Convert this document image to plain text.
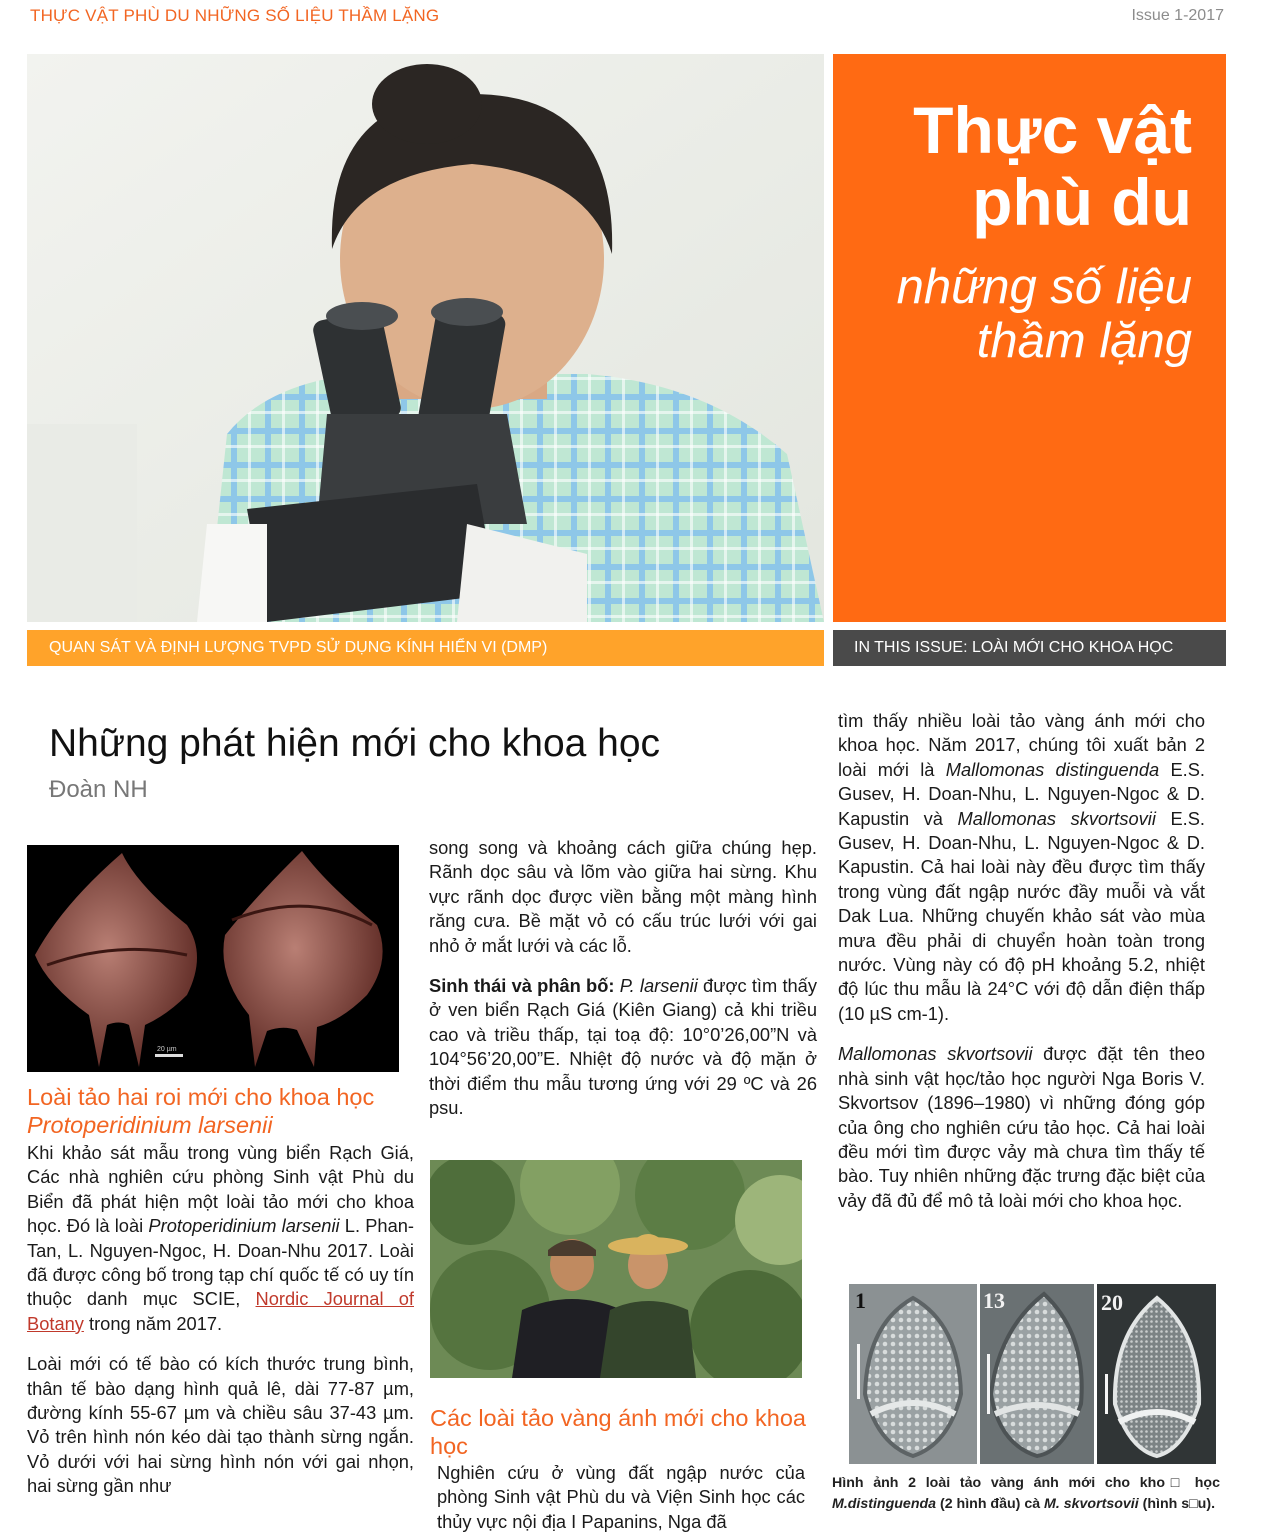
THỰC VẬT PHÙ DU NHỮNG SỐ LIỆU THẦM LẶNG	Issue 1-2017
Thực vật
phù du
những số liệu
thầm lặng
QUAN SÁT VÀ ĐỊNH LƯỢNG TVPD SỬ DỤNG KÍNH HIỂN VI (DMP)	IN THIS ISSUE: LOÀI MỚI CHO KHOA HỌC
Những phát hiện mới cho khoa học
Đoàn NH
20 µm
Loài tảo hai roi mới cho khoa học
Protoperidinium larsenii

Khi khảo sát mẫu trong vùng biển Rạch Giá, Các nhà nghiên cứu phòng Sinh vật Phù du Biển đã phát hiện một loài tảo mới cho khoa học. Đó là loài Protoperidinium larsenii L. Phan-Tan, L. Nguyen-Ngoc, H. Doan-Nhu 2017. Loài đã được công bố trong tạp chí quốc tế có uy tín thuộc danh mục SCIE, Nordic Journal of Botany trong năm 2017.

Loài mới có tế bào có kích thước trung bình, thân tế bào dạng hình quả lê, dài 77-87 µm, đường kính 55-67 µm và chiều sâu 37-43 µm. Vỏ trên hình nón kéo dài tạo thành sừng ngắn. Vỏ dưới với hai sừng hình nón với gai nhọn, hai sừng gần như

song song và khoảng cách giữa chúng hẹp. Rãnh dọc sâu và lõm vào giữa hai sừng. Khu vực rãnh dọc được viền bằng một màng hình răng cưa. Bề mặt vỏ có cấu trúc lưới với gai nhỏ ở mắt lưới và các lỗ.

Sinh thái và phân bố: P. larsenii được tìm thấy ở ven biển Rạch Giá (Kiên Giang) cả khi triều cao và triều thấp, tại toạ độ: 10°0’26,00”N và 104°56’20,00”E. Nhiệt độ nước và độ mặn ở thời điểm thu mẫu tương ứng với 29 ºC và 26 psu.

Các loài tảo vàng ánh mới cho khoa học

Nghiên cứu ở vùng đất ngập nước của phòng Sinh vật Phù du và Viện Sinh học các thủy vực nội địa I Papanins, Nga đã

tìm thấy nhiều loài tảo vàng ánh mới cho khoa học. Năm 2017, chúng tôi xuất bản 2 loài mới là Mallomonas distinguenda E.S. Gusev, H. Doan-Nhu, L. Nguyen-Ngoc & D. Kapustin và Mallomonas skvortsovii E.S. Gusev, H. Doan-Nhu, L. Nguyen-Ngoc & D. Kapustin. Cả hai loài này đều được tìm thấy trong vùng đất ngập nước đầy muỗi và vắt Dak Lua. Những chuyến khảo sát vào mùa mưa đều phải di chuyển hoàn toàn trong nước. Vùng này có độ pH khoảng 5.2, nhiệt độ lúc thu mẫu là 24°C với độ dẫn điện thấp (10 µS cm-1).

Mallomonas skvortsovii được đặt tên theo nhà sinh vật học/tảo học người Nga Boris V. Skvortsov (1896–1980) vì những đóng góp của ông cho nghiên cứu tảo học. Cả hai loài đều mới tìm được vảy mà chưa tìm thấy tế bào. Tuy nhiên những đặc trưng đặc biệt của vảy đã đủ để mô tả loài mới cho khoa học.

1	13	20
Hình ảnh 2 loài tảo vàng ánh mới cho kho□ học M.distinguenda (2 hình đầu) cà M. skvortsovii (hình s□u).
